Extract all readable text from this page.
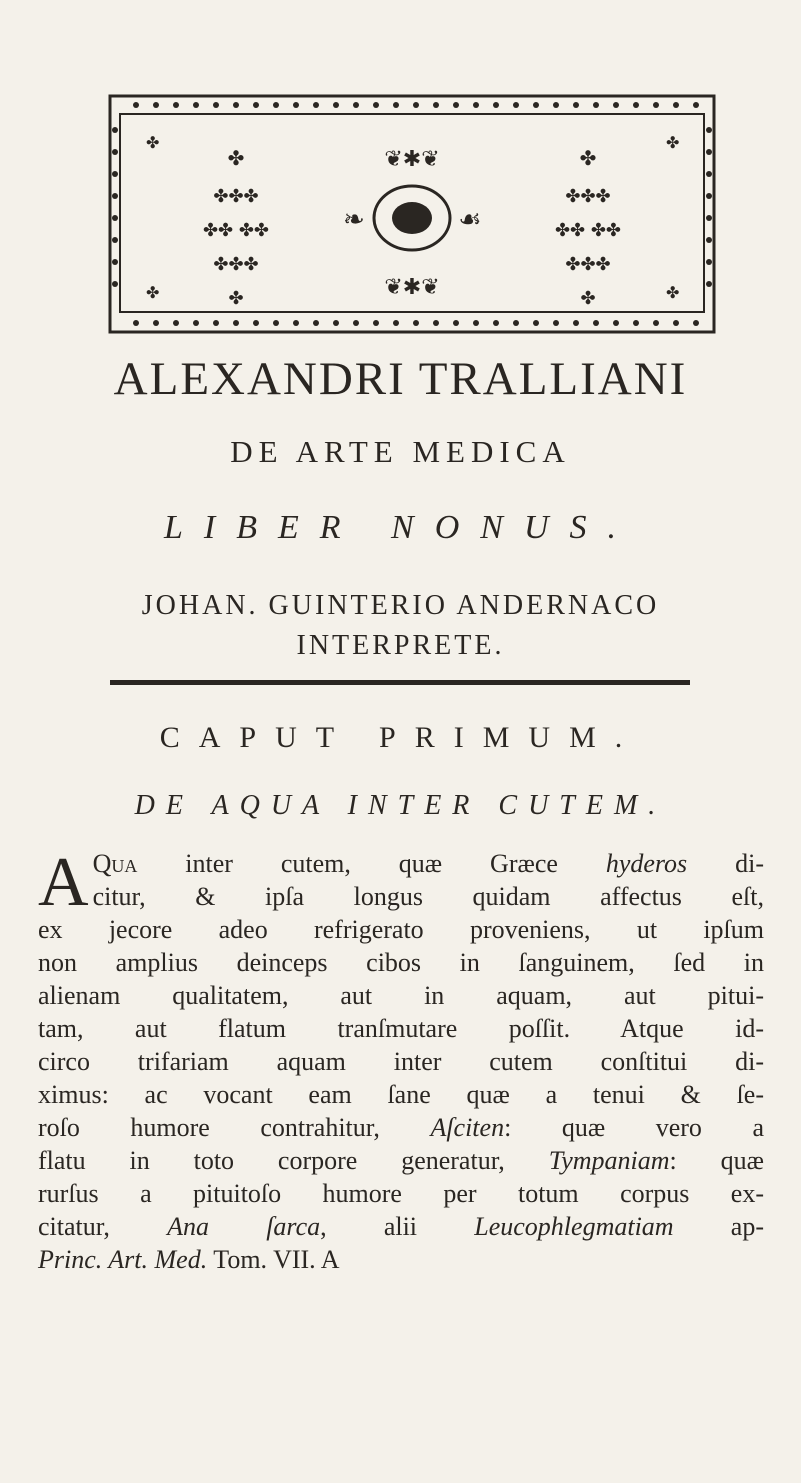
✤
✤✤✤
✤✤ ✤✤
✤✤✤
✤
✤
✤✤✤
✤✤ ✤✤
✤✤✤
✤
❦✱❦
❦✱❦
❧	☙
✤	✤
✤	✤
ALEXANDRI TRALLIANI
DE ARTE MEDICA
LIBER NONUS.
JOHAN. GUINTERIO ANDERNACO
INTERPRETE.
CAPUT PRIMUM.
DE AQUA INTER CUTEM.
A Qua inter cutem, quæ Græce hyderos di-
citur, & ipſa longus quidam affectus eſt,
ex jecore adeo refrigerato proveniens, ut ipſum
non amplius deinceps cibos in ſanguinem, ſed in
alienam qualitatem, aut in aquam, aut pitui-
tam, aut flatum tranſmutare poſſit. Atque id-
circo trifariam aquam inter cutem conſtitui di-
ximus: ac vocant eam ſane quæ a tenui & ſe-
roſo humore contrahitur, Aſciten: quæ vero a
flatu in toto corpore generatur, Tympaniam: quæ
rurſus a pituitoſo humore per totum corpus ex-
citatur, Ana ſarca, alii Leucophlegmatiam ap-
Princ. Art. Med. Tom. VII. A
